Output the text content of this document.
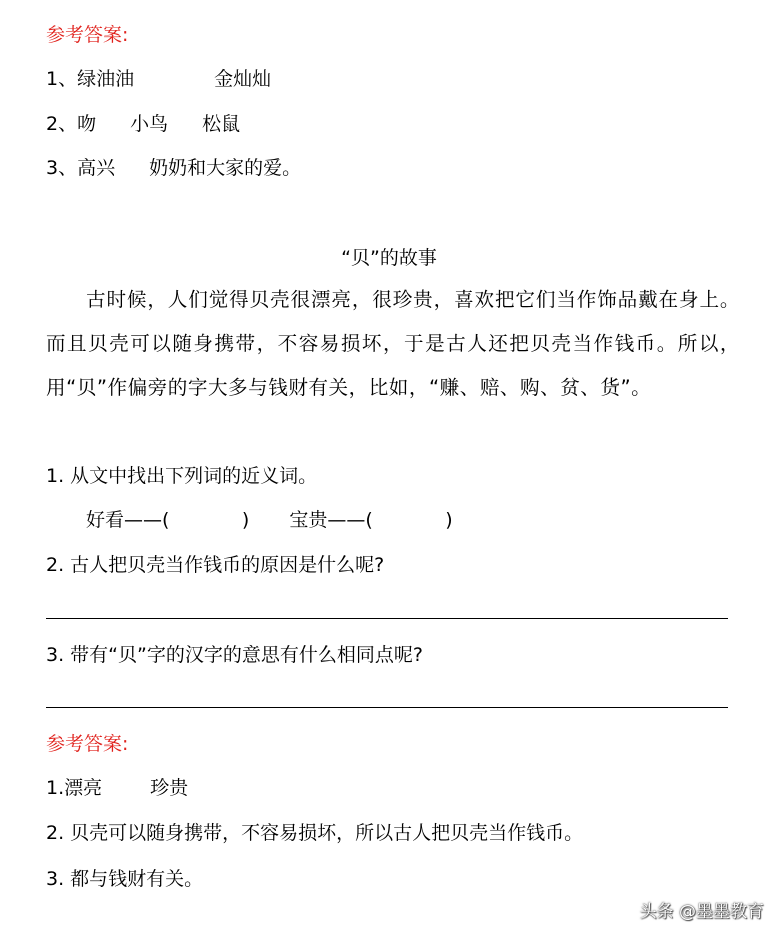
参考答案:
1、绿油油	金灿灿
2、吻 小鸟 松鼠
3、高兴 奶奶和大家的爱。
“贝”的故事
古时候，人们觉得贝壳很漂亮，很珍贵，喜欢把它们当作饰品戴在身上。而且贝壳可以随身携带，不容易损坏，于是古人还把贝壳当作钱币。所以，用“贝”作偏旁的字大多与钱财有关，比如，“赚、赔、购、贫、货”。
1. 从文中找出下列词的近义词。
好看——(            ) 宝贵——(            )
2. 古人把贝壳当作钱币的原因是什么呢?
3. 带有“贝”字的汉字的意思有什么相同点呢?
参考答案:
1.漂亮	珍贵
2. 贝壳可以随身携带，不容易损坏，所以古人把贝壳当作钱币。
3. 都与钱财有关。
头条 @墨墨教育
